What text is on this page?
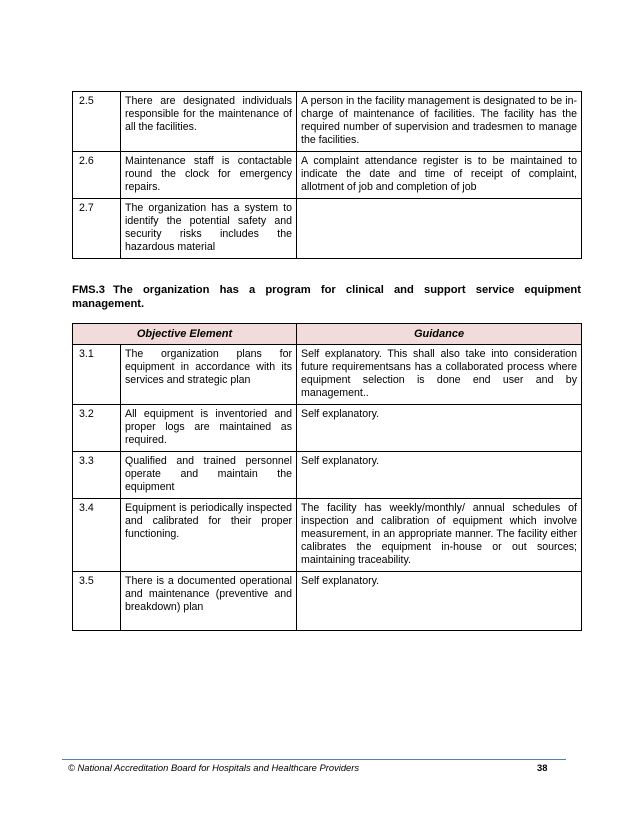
2.5	There are designated individuals responsible for the maintenance of all the facilities.	A person in the facility management is designated to be in-charge of maintenance of facilities. The facility has the required number of supervision and tradesmen to manage the facilities.
2.6	Maintenance staff is contactable round the clock for emergency repairs.	A complaint attendance register is to be maintained to indicate the date and time of receipt of complaint, allotment of job and completion of job
2.7	The organization has a system to identify the potential safety and security risks includes the hazardous material	
FMS.3 The organization has a program for clinical and support service equipment management.
Objective Element		Guidance
3.1	The organization plans for equipment in accordance with its services and strategic plan	Self explanatory. This shall also take into consideration future requirementsans has a collaborated process where equipment selection is done end user and by management..
3.2	All equipment is inventoried and proper logs are maintained as required.	Self explanatory.
3.3	Qualified and trained personnel operate and maintain the equipment	Self explanatory.
3.4	Equipment is periodically inspected and calibrated for their proper functioning.	The facility has weekly/monthly/ annual schedules of inspection and calibration of equipment which involve measurement, in an appropriate manner. The facility either calibrates the equipment in-house or out sources; maintaining traceability.
3.5	There is a documented operational and maintenance (preventive and breakdown) plan	Self explanatory.
© National Accreditation Board for Hospitals and Healthcare Providers	38
